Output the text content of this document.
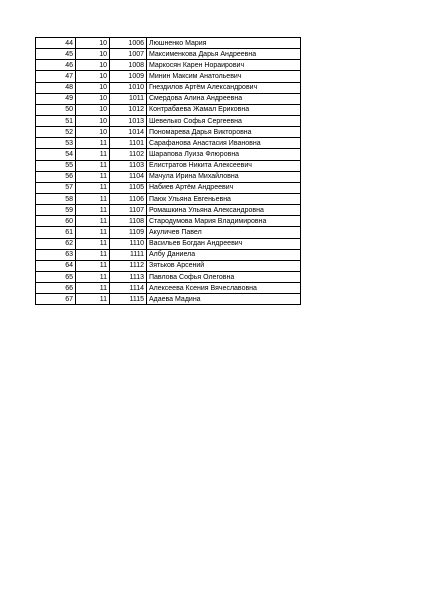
44	10	1006	Люшненко Мария
45	10	1007	Максименкова Дарья Андреевна
46	10	1008	Маркосян Карен Нораирович
47	10	1009	Минин Максим Анатольевич
48	10	1010	Гнездилов Артём Александрович
49	10	1011	Смердова Алина Андреевна
50	10	1012	Контрабаева Жамал Ериковна
51	10	1013	Шевелько Софья Сергеевна
52	10	1014	Пономарева Дарья Викторовна
53	11	1101	Сарафанова Анастасия Ивановна
54	11	1102	Шарапова Луиза Флюровна
55	11	1103	Елистратов Никита Алексеевич
56	11	1104	Мачула Ирина Михайловна
57	11	1105	Набиев Артём Андреевич
58	11	1106	Паюк Ульяна Евгеньевна
59	11	1107	Ромашкина Ульяна Александровна
60	11	1108	Стародумова Мария Владимировна
61	11	1109	Акуличев Павел
62	11	1110	Васильев Богдан Андреевич
63	11	1111	Албу Даниела
64	11	1112	Зятьков Арсений
65	11	1113	Павлова Софья Олеговна
66	11	1114	Алексеева Ксения Вячеславовна
67	11	1115	Адаева Мадина
